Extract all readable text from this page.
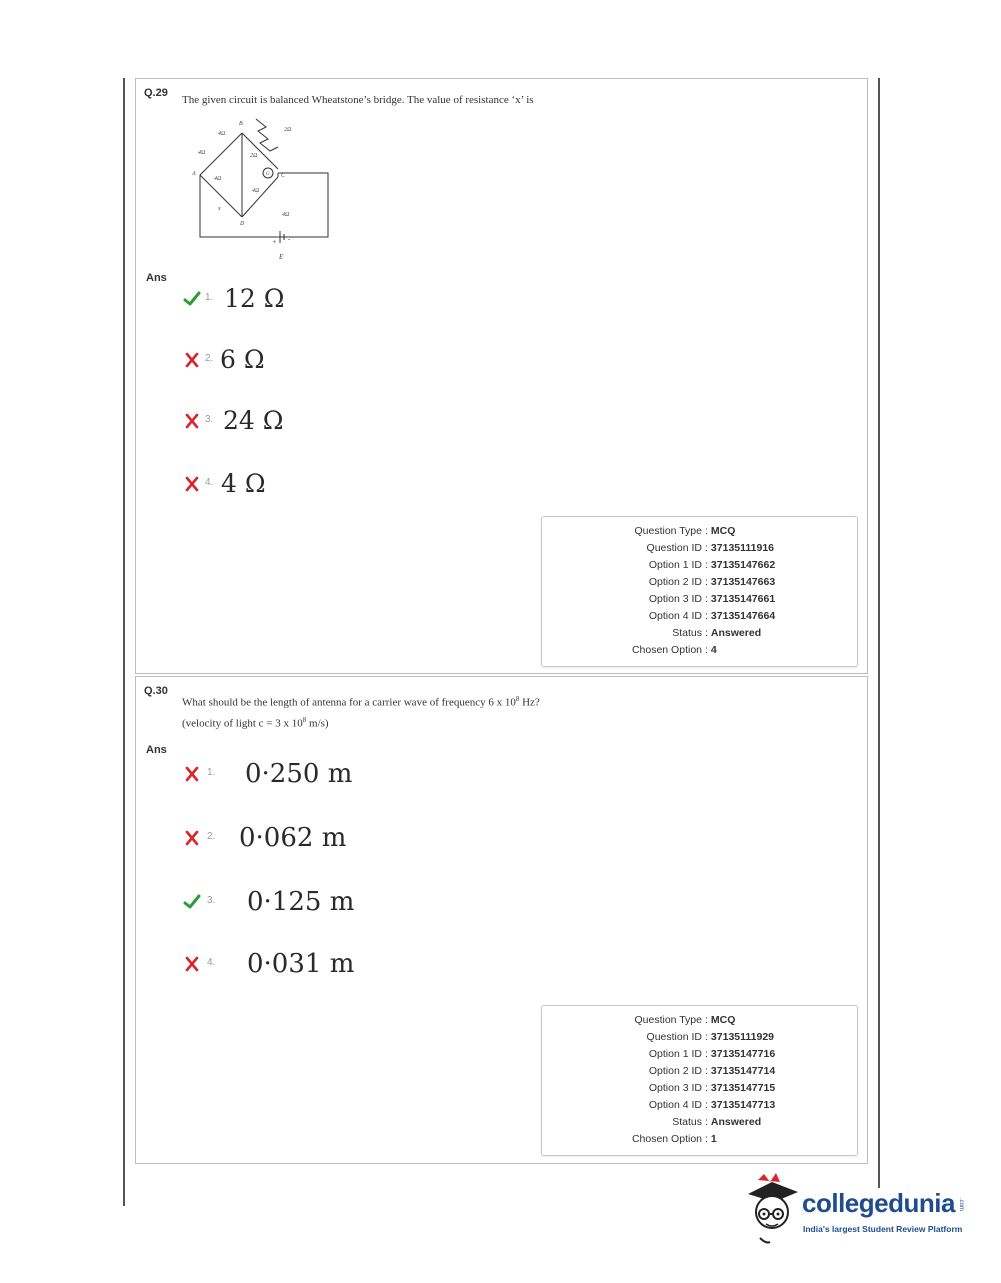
Q.29
The given circuit is balanced Wheatstone’s bridge. The value of resistance ‘x’ is
B
A	C
D
G
4Ω
2Ω
4Ω	2Ω
4Ω
4Ω
4Ω
x
+ -
E
Ans
1. 12 Ω
2. 6 Ω
3. 24 Ω
4. 4 Ω
Question Type : MCQ
Question ID : 37135111916
Option 1 ID : 37135147662
Option 2 ID : 37135147663
Option 3 ID : 37135147661
Option 4 ID : 37135147664
Status : Answered
Chosen Option : 4
Q.30
What should be the length of antenna for a carrier wave of frequency 6 x $10^8$ Hz?
(velocity of light c = 3 x $10^8$ m/s)
Ans
1. 0·250 m
2. 0·062 m
3. 0·125 m
4. 0·031 m
Question Type : MCQ
Question ID : 37135111929
Option 1 ID : 37135147716
Option 2 ID : 37135147714
Option 3 ID : 37135147715
Option 4 ID : 37135147713
Status : Answered
Chosen Option : 1
collegedunia .com
India's largest Student Review Platform
